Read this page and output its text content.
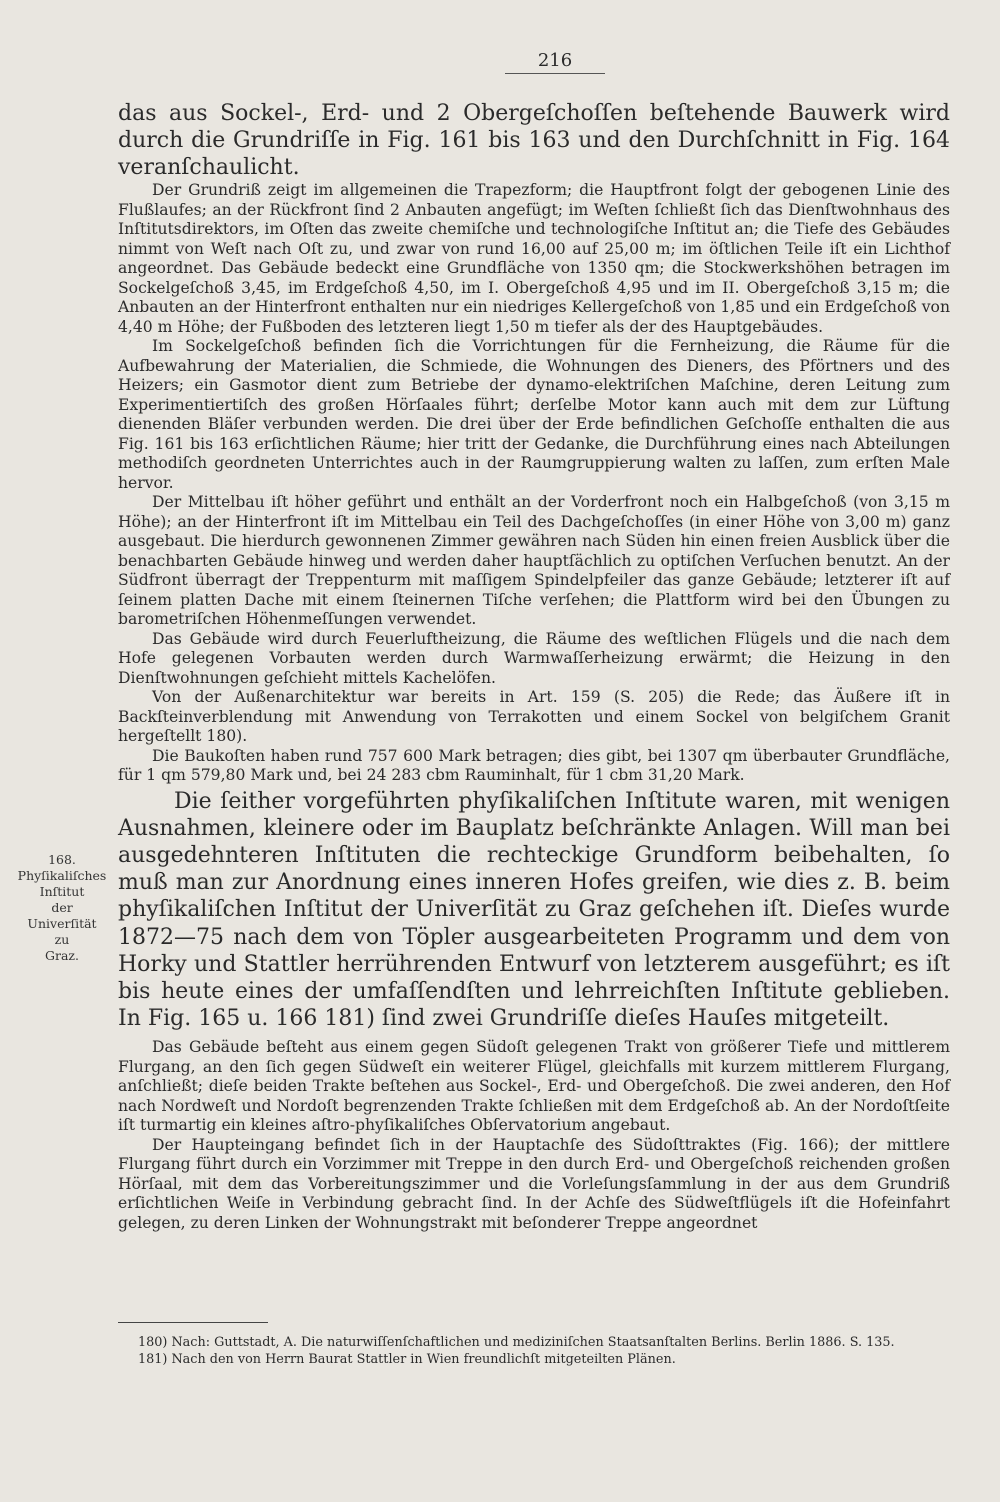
216

das aus Sockel-, Erd- und 2 Obergeſchoſſen beſtehende Bauwerk wird durch die Grundriſſe in Fig. 161 bis 163 und den Durchſchnitt in Fig. 164 veranſchaulicht.

Der Grundriß zeigt im allgemeinen die Trapezform; die Hauptfront folgt der gebogenen Linie des Flußlaufes; an der Rückfront ſind 2 Anbauten angefügt; im Weſten ſchließt ſich das Dienſtwohnhaus des Inſtitutsdirektors, im Oſten das zweite chemiſche und technologiſche Inſtitut an; die Tiefe des Gebäudes nimmt von Weſt nach Oſt zu, und zwar von rund 16,00 auf 25,00 m; im öſtlichen Teile iſt ein Lichthof angeordnet. Das Gebäude bedeckt eine Grundfläche von 1350 qm; die Stockwerkshöhen betragen im Sockelgeſchoß 3,45, im Erdgeſchoß 4,50, im I. Obergeſchoß 4,95 und im II. Obergeſchoß 3,15 m; die Anbauten an der Hinterfront enthalten nur ein niedriges Kellergeſchoß von 1,85 und ein Erdgeſchoß von 4,40 m Höhe; der Fußboden des letzteren liegt 1,50 m tiefer als der des Hauptgebäudes.

Im Sockelgeſchoß befinden ſich die Vorrichtungen für die Fernheizung, die Räume für die Aufbewahrung der Materialien, die Schmiede, die Wohnungen des Dieners, des Pförtners und des Heizers; ein Gasmotor dient zum Betriebe der dynamo-elektriſchen Maſchine, deren Leitung zum Experimentiertiſch des großen Hörſaales führt; derſelbe Motor kann auch mit dem zur Lüftung dienenden Bläſer verbunden werden. Die drei über der Erde befindlichen Geſchoſſe enthalten die aus Fig. 161 bis 163 erſichtlichen Räume; hier tritt der Gedanke, die Durchführung eines nach Abteilungen methodiſch geordneten Unterrichtes auch in der Raumgruppierung walten zu laſſen, zum erſten Male hervor.

Der Mittelbau iſt höher geführt und enthält an der Vorderfront noch ein Halbgeſchoß (von 3,15 m Höhe); an der Hinterfront iſt im Mittelbau ein Teil des Dachgeſchoſſes (in einer Höhe von 3,00 m) ganz ausgebaut. Die hierdurch gewonnenen Zimmer gewähren nach Süden hin einen freien Ausblick über die benachbarten Gebäude hinweg und werden daher hauptſächlich zu optiſchen Verſuchen benutzt. An der Südfront überragt der Treppenturm mit maſſigem Spindelpfeiler das ganze Gebäude; letzterer iſt auf ſeinem platten Dache mit einem ſteinernen Tiſche verſehen; die Plattform wird bei den Übungen zu barometriſchen Höhenmeſſungen verwendet.

Das Gebäude wird durch Feuerluftheizung, die Räume des weſtlichen Flügels und die nach dem Hofe gelegenen Vorbauten werden durch Warmwaſſerheizung erwärmt; die Heizung in den Dienſtwohnungen geſchieht mittels Kachelöfen.

Von der Außenarchitektur war bereits in Art. 159 (S. 205) die Rede; das Äußere iſt in Backſteinverblendung mit Anwendung von Terrakotten und einem Sockel von belgiſchem Granit hergeſtellt 180).

Die Baukoſten haben rund 757 600 Mark betragen; dies gibt, bei 1307 qm überbauter Grundfläche, für 1 qm 579,80 Mark und, bei 24 283 cbm Rauminhalt, für 1 cbm 31,20 Mark.

Die ſeither vorgeführten phyſikaliſchen Inſtitute waren, mit wenigen Ausnahmen, kleinere oder im Bauplatz beſchränkte Anlagen. Will man bei ausgedehnteren Inſtituten die rechteckige Grundform beibehalten, ſo muß man zur Anordnung eines inneren Hofes greifen, wie dies z. B. beim phyſikaliſchen Inſtitut der Univerſität zu Graz geſchehen iſt. Dieſes wurde 1872—75 nach dem von Töpler ausgearbeiteten Programm und dem von Horky und Stattler herrührenden Entwurf von letzterem ausgeführt; es iſt bis heute eines der umfaſſendſten und lehrreichſten Inſtitute geblieben. In Fig. 165 u. 166 181) ſind zwei Grundriſſe dieſes Hauſes mitgeteilt.

Das Gebäude beſteht aus einem gegen Südoſt gelegenen Trakt von größerer Tiefe und mittlerem Flurgang, an den ſich gegen Südweſt ein weiterer Flügel, gleichfalls mit kurzem mittlerem Flurgang, anſchließt; dieſe beiden Trakte beſtehen aus Sockel-, Erd- und Obergeſchoß. Die zwei anderen, den Hof nach Nordweſt und Nordoſt begrenzenden Trakte ſchließen mit dem Erdgeſchoß ab. An der Nordoſtſeite iſt turmartig ein kleines aſtro-phyſikaliſches Obſervatorium angebaut.

Der Haupteingang befindet ſich in der Hauptachſe des Südoſttraktes (Fig. 166); der mittlere Flurgang führt durch ein Vorzimmer mit Treppe in den durch Erd- und Obergeſchoß reichenden großen Hörſaal, mit dem das Vorbereitungszimmer und die Vorleſungsſammlung in der aus dem Grundriß erſichtlichen Weiſe in Verbindung gebracht ſind. In der Achſe des Südweſtflügels iſt die Hofeinfahrt gelegen, zu deren Linken der Wohnungstrakt mit beſonderer Treppe angeordnet

168.
Phyſikaliſches
Inſtitut
der
Univerſität
zu
Graz.
180) Nach: Guttstadt, A. Die naturwiſſenſchaftlichen und mediziniſchen Staatsanſtalten Berlins. Berlin 1886. S. 135.
181) Nach den von Herrn Baurat Stattler in Wien freundlichſt mitgeteilten Plänen.
